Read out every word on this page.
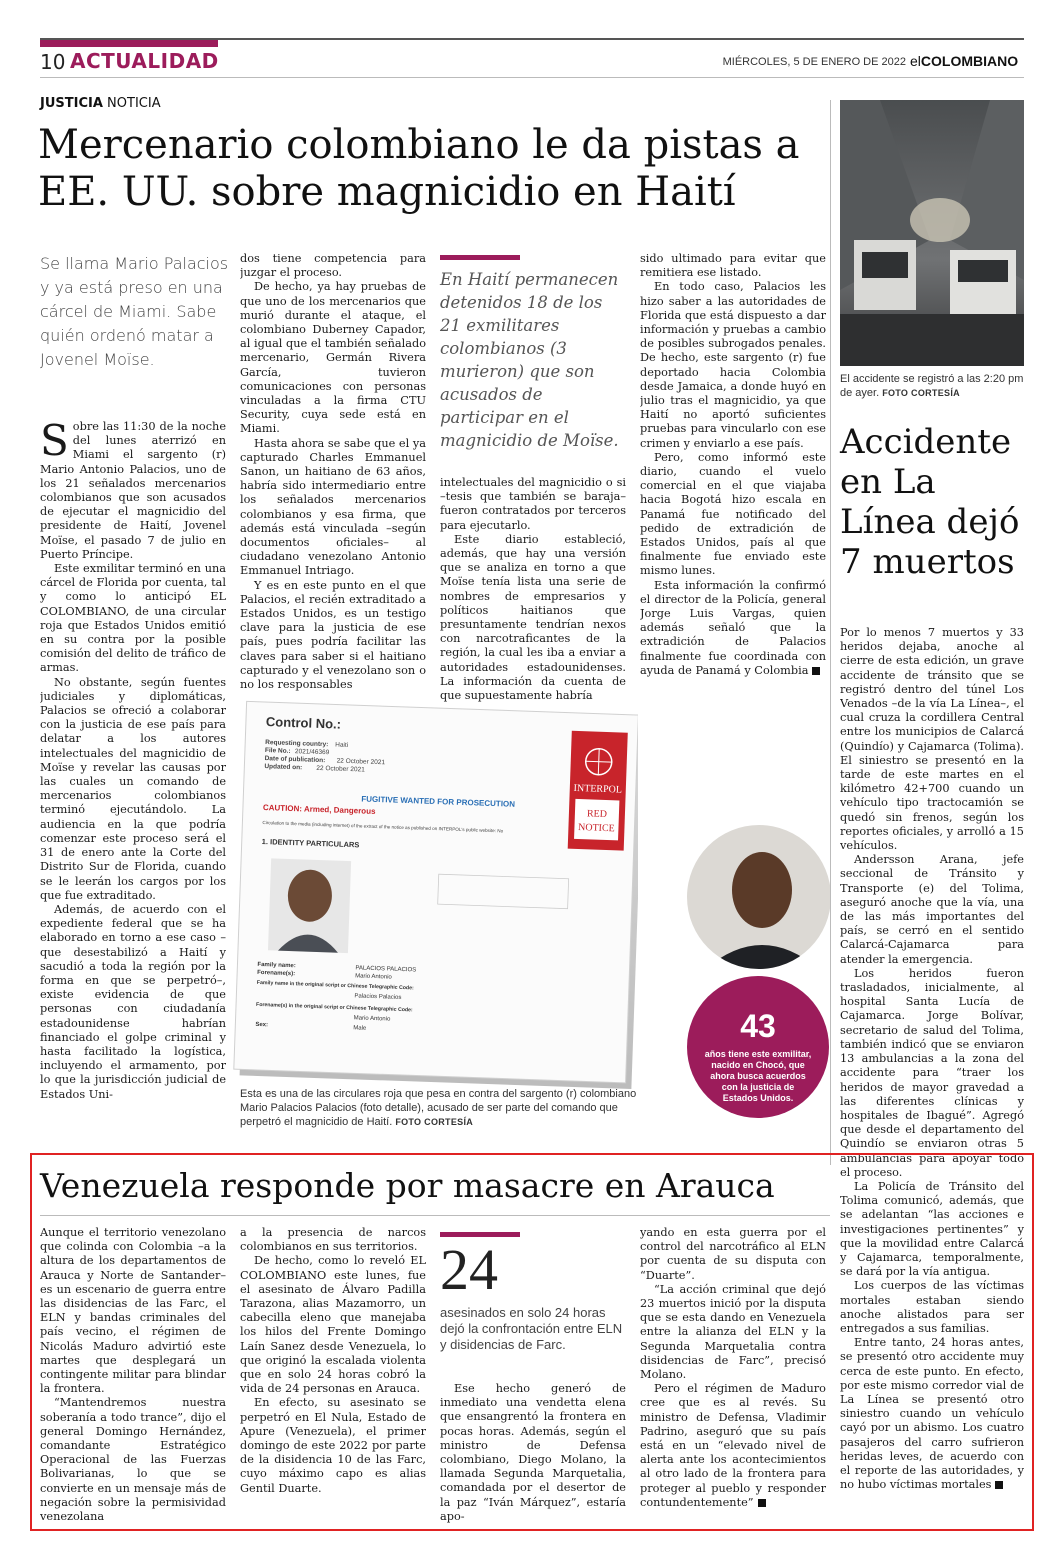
10 ACTUALIDAD	MIÉRCOLES, 5 DE ENERO DE 2022 elCOLOMBIANO
JUSTICIA NOTICIA
Mercenario colombiano le da pistas a EE. UU. sobre magnicidio en Haití
Se llama Mario Palacios y ya está preso en una cárcel de Miami. Sabe quién ordenó matar a Jovenel Moïse.

Sobre las 11:30 de la noche del lunes aterrizó en Miami el sargento (r) Mario Antonio Palacios, uno de los 21 señalados mercenarios colombianos que son acusados de ejecutar el magnicidio del presidente de Haití, Jovenel Moïse, el pasado 7 de julio en Puerto Príncipe.

Este exmilitar terminó en una cárcel de Florida por cuenta, tal y como lo anticipó EL COLOMBIANO, de una circular roja que Estados Unidos emitió en su contra por la posible comisión del delito de tráfico de armas.

No obstante, según fuentes judiciales y diplomáticas, Palacios se ofreció a colaborar con la justicia de ese país para delatar a los autores intelectuales del magnicidio de Moïse y revelar las causas por las cuales un comando de mercenarios colombianos terminó ejecutándolo. La audiencia en la que podría comenzar este proceso será el 31 de enero ante la Corte del Distrito Sur de Florida, cuando se le leerán los cargos por los que fue extraditado.

Además, de acuerdo con el expediente federal que se ha elaborado en torno a ese caso –que desestabilizó a Haití y sacudió a toda la región por la forma en que se perpetró–, existe evidencia de que personas con ciudadanía estadounidense habrían financiado el golpe criminal y hasta facilitado la logística, incluyendo el armamento, por lo que la jurisdicción judicial de Estados Uni-

dos tiene competencia para juzgar el proceso.

De hecho, ya hay pruebas de que uno de los mercenarios que murió durante el ataque, el colombiano Duberney Capador, al igual que el también señalado mercenario, Germán Rivera García, tuvieron comunicaciones con personas vinculadas a la firma CTU Security, cuya sede está en Miami.

Hasta ahora se sabe que el ya capturado Charles Emmanuel Sanon, un haitiano de 63 años, habría sido intermediario entre los señalados mercenarios colombianos y esa firma, que además está vinculada –según documentos oficiales– al ciudadano venezolano Antonio Emmanuel Intriago.

Y es en este punto en el que Palacios, el recién extraditado a Estados Unidos, es un testigo clave para la justicia de ese país, pues podría facilitar las claves para saber si el haitiano capturado y el venezolano son o no los responsables

En Haití permanecen detenidos 18 de los 21 exmilitares colombianos (3 murieron) que son acusados de participar en el magnicidio de Moïse.

intelectuales del magnicidio o si –tesis que también se baraja– fueron contratados por terceros para ejecutarlo.

Este diario estableció, además, que hay una versión que se analiza en torno a que Moïse tenía lista una serie de nombres de empresarios y políticos haitianos que presuntamente tendrían nexos con narcotraficantes de la región, la cual les iba a enviar a autoridades estadounidenses. La información da cuenta de que supuestamente habría

sido ultimado para evitar que remitiera ese listado.

En todo caso, Palacios les hizo saber a las autoridades de Florida que está dispuesto a dar información y pruebas a cambio de posibles subrogados penales. De hecho, este sargento (r) fue deportado hacia Colombia desde Jamaica, a donde huyó en julio tras el magnicidio, ya que Haití no aportó suficientes pruebas para vincularlo con ese crimen y enviarlo a ese país.

Pero, como informó este diario, cuando el vuelo comercial en el que viajaba hacia Bogotá hizo escala en Panamá fue notificado del pedido de extradición de Estados Unidos, país al que finalmente fue enviado este mismo lunes.

Esta información la confirmó el director de la Policía, general Jorge Luis Vargas, quien además señaló que la extradición de Palacios finalmente fue coordinada con ayuda de Panamá y Colombia

Control No.:
Requesting country: Haiti
File No.: 2021/46369
Date of publication: 22 October 2021
Updated on: 22 October 2021
INTERPOL
RED
NOTICE
FUGITIVE WANTED FOR PROSECUTION
CAUTION: Armed, Dangerous
Circulation to the media (including internet) of the extract of the notice as published on INTERPOL's public website: No
1. IDENTITY PARTICULARS
Family name:	PALACIOS PALACIOS
Forename(s):	Mario Antonio
Family name in the original script or Chinese Telegraphic Code:
Palacios Palacios
Forename(s) in the original script or Chinese Telegraphic Code:
Mario Antonio
Sex:
Male	43
años tiene este exmilitar,
nacido en Chocó, que
ahora busca acuerdos
con la justicia de
Estados Unidos.
Esta es una de las circulares roja que pesa en contra del sargento (r) colombiano Mario Palacios Palacios (foto detalle), acusado de ser parte del comando que perpetró el magnicidio de Haití. FOTO CORTESÍA
El accidente se registró a las 2:20 pm de ayer. FOTO CORTESÍA
Accidente en La Línea dejó 7 muertos

Por lo menos 7 muertos y 33 heridos dejaba, anoche al cierre de esta edición, un grave accidente de tránsito que se registró dentro del túnel Los Venados –de la vía La Línea–, el cual cruza la cordillera Central entre los municipios de Calarcá (Quindío) y Cajamarca (Tolima). El siniestro se presentó en la tarde de este martes en el kilómetro 42+700 cuando un vehículo tipo tractocamión se quedó sin frenos, según los reportes oficiales, y arrolló a 15 vehículos.

Andersson Arana, jefe seccional de Tránsito y Transporte (e) del Tolima, aseguró anoche que la vía, una de las más importantes del país, se cerró en el sentido Calarcá-Cajamarca para atender la emergencia.

Los heridos fueron trasladados, inicialmente, al hospital Santa Lucía de Cajamarca. Jorge Bolívar, secretario de salud del Tolima, también indicó que se enviaron 13 ambulancias a la zona del accidente para “traer los heridos de mayor gravedad a las diferentes clínicas y hospitales de Ibagué”. Agregó que desde el departamento del Quindío se enviaron otras 5 ambulancias para apoyar todo el proceso.

La Policía de Tránsito del Tolima comunicó, además, que se adelantan “las acciones e investigaciones pertinentes” y que la movilidad entre Calarcá y Cajamarca, temporalmente, se dará por la vía antigua.

Los cuerpos de las víctimas mortales estaban siendo anoche alistados para ser entregados a sus familias.

Entre tanto, 24 horas antes, se presentó otro accidente muy cerca de este punto. En efecto, por este mismo corredor vial de La Línea se presentó otro siniestro cuando un vehículo cayó por un abismo. Los cuatro pasajeros del carro sufrieron heridas leves, de acuerdo con el reporte de las autoridades, y no hubo víctimas mortales

Venezuela responde por masacre en Arauca

Aunque el territorio venezolano que colinda con Colombia –a la altura de los departamentos de Arauca y Norte de Santander– es un escenario de guerra entre las disidencias de las Farc, el ELN y bandas criminales del país vecino, el régimen de Nicolás Maduro advirtió este martes que desplegará un contingente militar para blindar la frontera.

“Mantendremos nuestra soberanía a todo trance”, dijo el general Domingo Hernández, comandante Estratégico Operacional de las Fuerzas Bolivarianas, lo que se convierte en un mensaje más de negación sobre la permisividad venezolana

a la presencia de narcos colombianos en sus territorios.

De hecho, como lo reveló EL COLOMBIANO este lunes, fue el asesinato de Álvaro Padilla Tarazona, alias Mazamorro, un cabecilla eleno que manejaba los hilos del Frente Domingo Laín Sanez desde Venezuela, lo que originó la escalada violenta que en solo 24 horas cobró la vida de 24 personas en Arauca.

En efecto, su asesinato se perpetró en El Nula, Estado de Apure (Venezuela), el primer domingo de este 2022 por parte de la disidencia 10 de las Farc, cuyo máximo capo es alias Gentil Duarte.

24
asesinados en solo 24 horas dejó la confrontación entre ELN y disidencias de Farc.

Ese hecho generó de inmediato una vendetta elena que ensangrentó la frontera en pocas horas. Además, según el ministro de Defensa colombiano, Diego Molano, la llamada Segunda Marquetalia, comandada por el desertor de la paz “Iván Márquez”, estaría apo-

yando en esta guerra por el control del narcotráfico al ELN por cuenta de su disputa con “Duarte”.

“La acción criminal que dejó 23 muertos inició por la disputa que se esta dando en Venezuela entre la alianza del ELN y la Segunda Marquetalia contra disidencias de Farc”, precisó Molano.

Pero el régimen de Maduro cree que es al revés. Su ministro de Defensa, Vladimir Padrino, aseguró que su país está en un “elevado nivel de alerta ante los acontecimientos al otro lado de la frontera para proteger al pueblo y responder contundentemente”
